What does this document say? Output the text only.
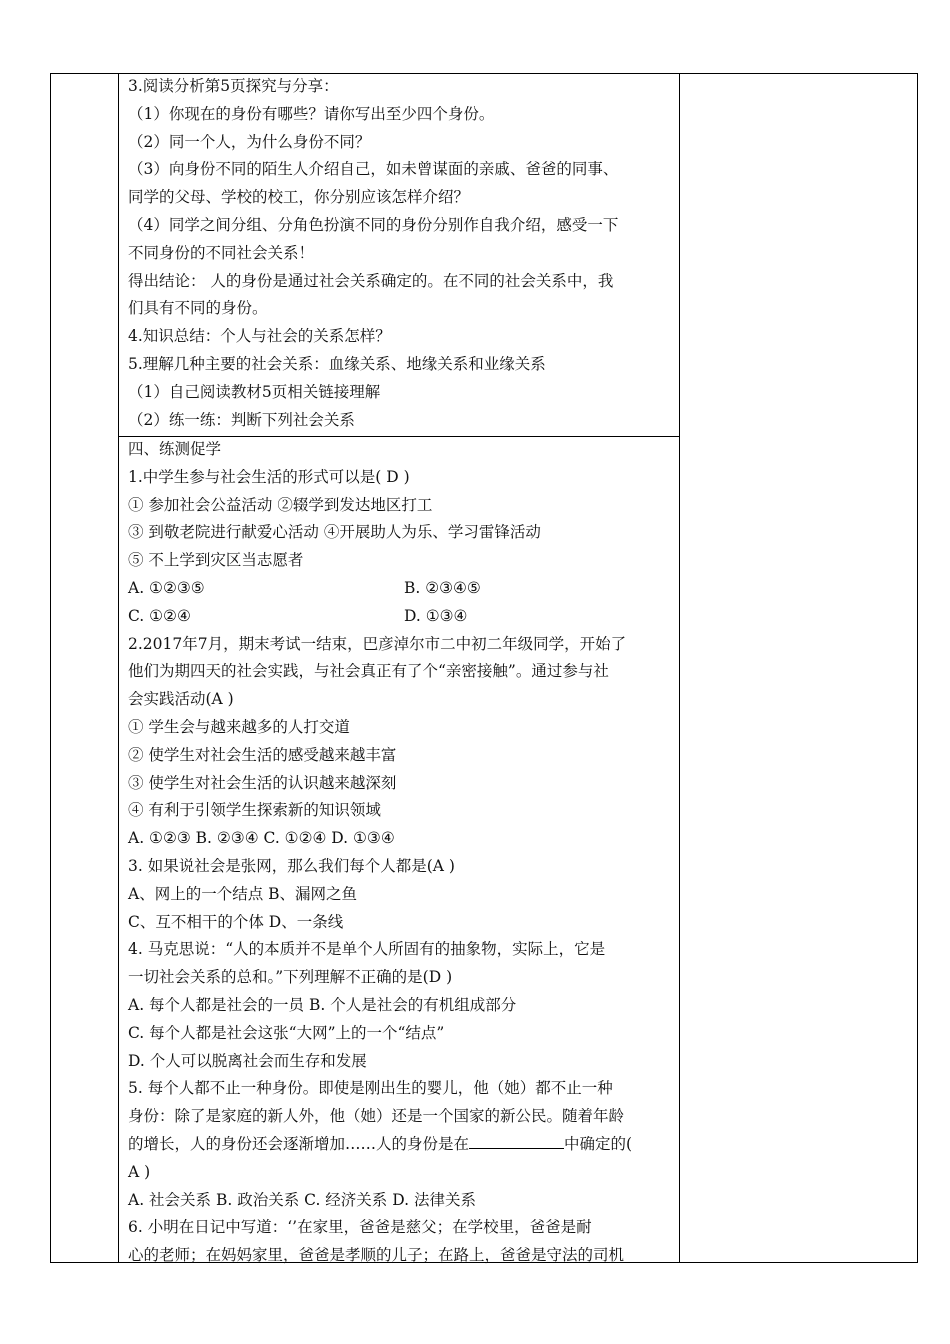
3.阅读分析第5页探究与分享：
（1）你现在的身份有哪些？请你写出至少四个身份。
（2）同一个人，为什么身份不同？
（3）向身份不同的陌生人介绍自己，如未曾谋面的亲戚、爸爸的同事、
同学的父母、学校的校工，你分别应该怎样介绍？
（4）同学之间分组、分角色扮演不同的身份分别作自我介绍，感受一下
不同身份的不同社会关系！
得出结论： 人的身份是通过社会关系确定的。在不同的社会关系中，我
们具有不同的身份。
4.知识总结：个人与社会的关系怎样？
5.理解几种主要的社会关系：血缘关系、地缘关系和业缘关系
（1）自己阅读教材5页相关链接理解
（2）练一练：判断下列社会关系
四、练测促学
1.中学生参与社会生活的形式可以是( D )
① 参加社会公益活动 ②辍学到发达地区打工
③ 到敬老院进行献爱心活动 ④开展助人为乐、学习雷锋活动
⑤ 不上学到灾区当志愿者
A. ①②③⑤	B. ②③④⑤
C. ①②④	D. ①③④
2.2017年7月，期末考试一结束，巴彦淖尔市二中初二年级同学，开始了
他们为期四天的社会实践，与社会真正有了个“亲密接触”。通过参与社
会实践活动(A )
① 学生会与越来越多的人打交道
② 使学生对社会生活的感受越来越丰富
③ 使学生对社会生活的认识越来越深刻
④ 有利于引领学生探索新的知识领域
A. ①②③ B. ②③④ C. ①②④ D. ①③④
3. 如果说社会是张网，那么我们每个人都是(A )
A、网上的一个结点 B、漏网之鱼
C、互不相干的个体 D、一条线
4. 马克思说：“人的本质并不是单个人所固有的抽象物，实际上，它是
一切社会关系的总和。”下列理解不正确的是(D )
A. 每个人都是社会的一员 B. 个人是社会的有机组成部分
C. 每个人都是社会这张“大网”上的一个“结点”
D. 个人可以脱离社会而生存和发展
5. 每个人都不止一种身份。即使是刚出生的婴儿，他（她）都不止一种
身份：除了是家庭的新人外，他（她）还是一个国家的新公民。随着年龄
的增长，人的身份还会逐渐增加……人的身份是在	中确定的(
A )
A. 社会关系 B. 政治关系 C. 经济关系 D. 法律关系
6. 小明在日记中写道：‘’在家里，爸爸是慈父；在学校里，爸爸是耐
心的老师；在妈妈家里，爸爸是孝顺的儿子；在路上，爸爸是守法的司机
